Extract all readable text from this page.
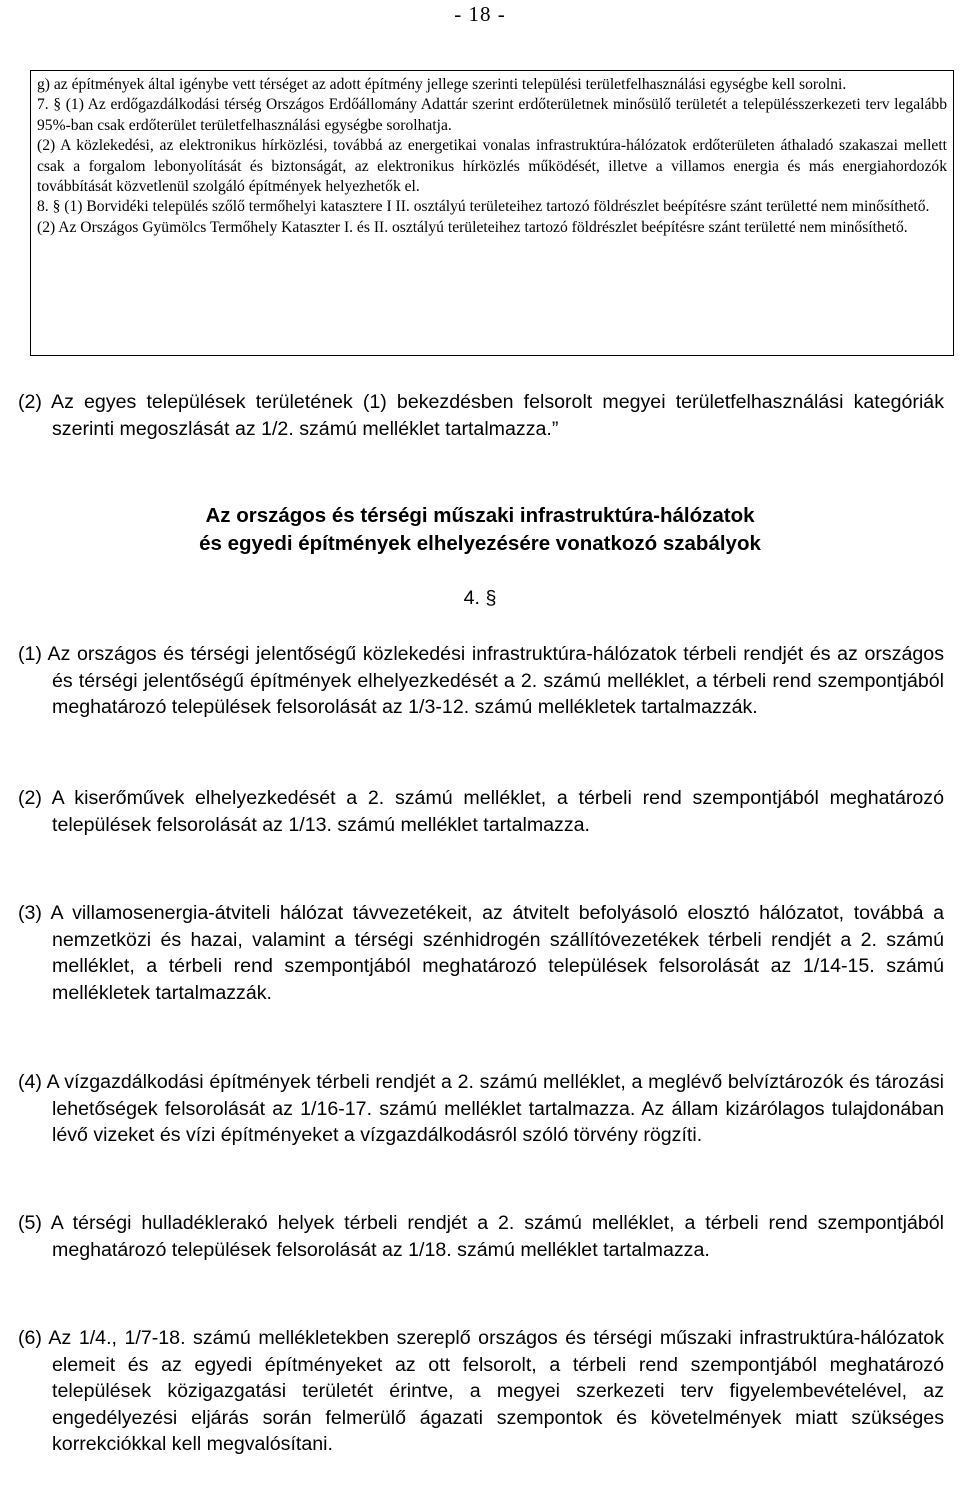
- 18 -

g) az építmények által igénybe vett térséget az adott építmény jellege szerinti települési területfelhasználási egységbe kell sorolni.

7. § (1) Az erdőgazdálkodási térség Országos Erdőállomány Adattár szerint erdőterületnek minősülő területét a településszerkezeti terv legalább 95%-ban csak erdőterület területfelhasználási egységbe sorolhatja.

(2) A közlekedési, az elektronikus hírközlési, továbbá az energetikai vonalas infrastruktúra-hálózatok erdőterületen áthaladó szakaszai mellett csak a forgalom lebonyolítását és biztonságát, az elektronikus hírközlés működését, illetve a villamos energia és más energiahordozók továbbítását közvetlenül szolgáló építmények helyezhetők el.

8. § (1) Borvidéki település szőlő termőhelyi katasztere I II. osztályú területeihez tartozó földrészlet beépítésre szánt területté nem minősíthető.

(2) Az Országos Gyümölcs Termőhely Kataszter I. és II. osztályú területeihez tartozó földrészlet beépítésre szánt területté nem minősíthető.

(2) Az egyes települések területének (1) bekezdésben felsorolt megyei területfelhasználási kategóriák szerinti megoszlását az 1/2. számú melléklet tartalmazza.”

Az országos és térségi műszaki infrastruktúra-hálózatok
és egyedi építmények elhelyezésére vonatkozó szabályok
4. §

(1) Az országos és térségi jelentőségű közlekedési infrastruktúra-hálózatok térbeli rendjét és az országos és térségi jelentőségű építmények elhelyezkedését a 2. számú melléklet, a térbeli rend szempontjából meghatározó települések felsorolását az 1/3-12. számú mellékletek tartalmazzák.

(2) A kiserőművek elhelyezkedését a 2. számú melléklet, a térbeli rend szempontjából meghatározó települések felsorolását az 1/13. számú melléklet tartalmazza.

(3) A villamosenergia-átviteli hálózat távvezetékeit, az átvitelt befolyásoló elosztó hálózatot, továbbá a nemzetközi és hazai, valamint a térségi szénhidrogén szállítóvezetékek térbeli rendjét a 2. számú melléklet, a térbeli rend szempontjából meghatározó települések felsorolását az 1/14-15. számú mellékletek tartalmazzák.

(4) A vízgazdálkodási építmények térbeli rendjét a 2. számú melléklet, a meglévő belvíztározók és tározási lehetőségek felsorolását az 1/16-17. számú melléklet tartalmazza. Az állam kizárólagos tulajdonában lévő vizeket és vízi építményeket a vízgazdálkodásról szóló törvény rögzíti.

(5) A térségi hulladéklerakó helyek térbeli rendjét a 2. számú melléklet, a térbeli rend szempontjából meghatározó települések felsorolását az 1/18. számú melléklet tartalmazza.

(6) Az 1/4., 1/7-18. számú mellékletekben szereplő országos és térségi műszaki infrastruktúra-hálózatok elemeit és az egyedi építményeket az ott felsorolt, a térbeli rend szempontjából meghatározó települések közigazgatási területét érintve, a megyei szerkezeti terv figyelembevételével, az engedélyezési eljárás során felmerülő ágazati szempontok és követelmények miatt szükséges korrekciókkal kell megvalósítani.
